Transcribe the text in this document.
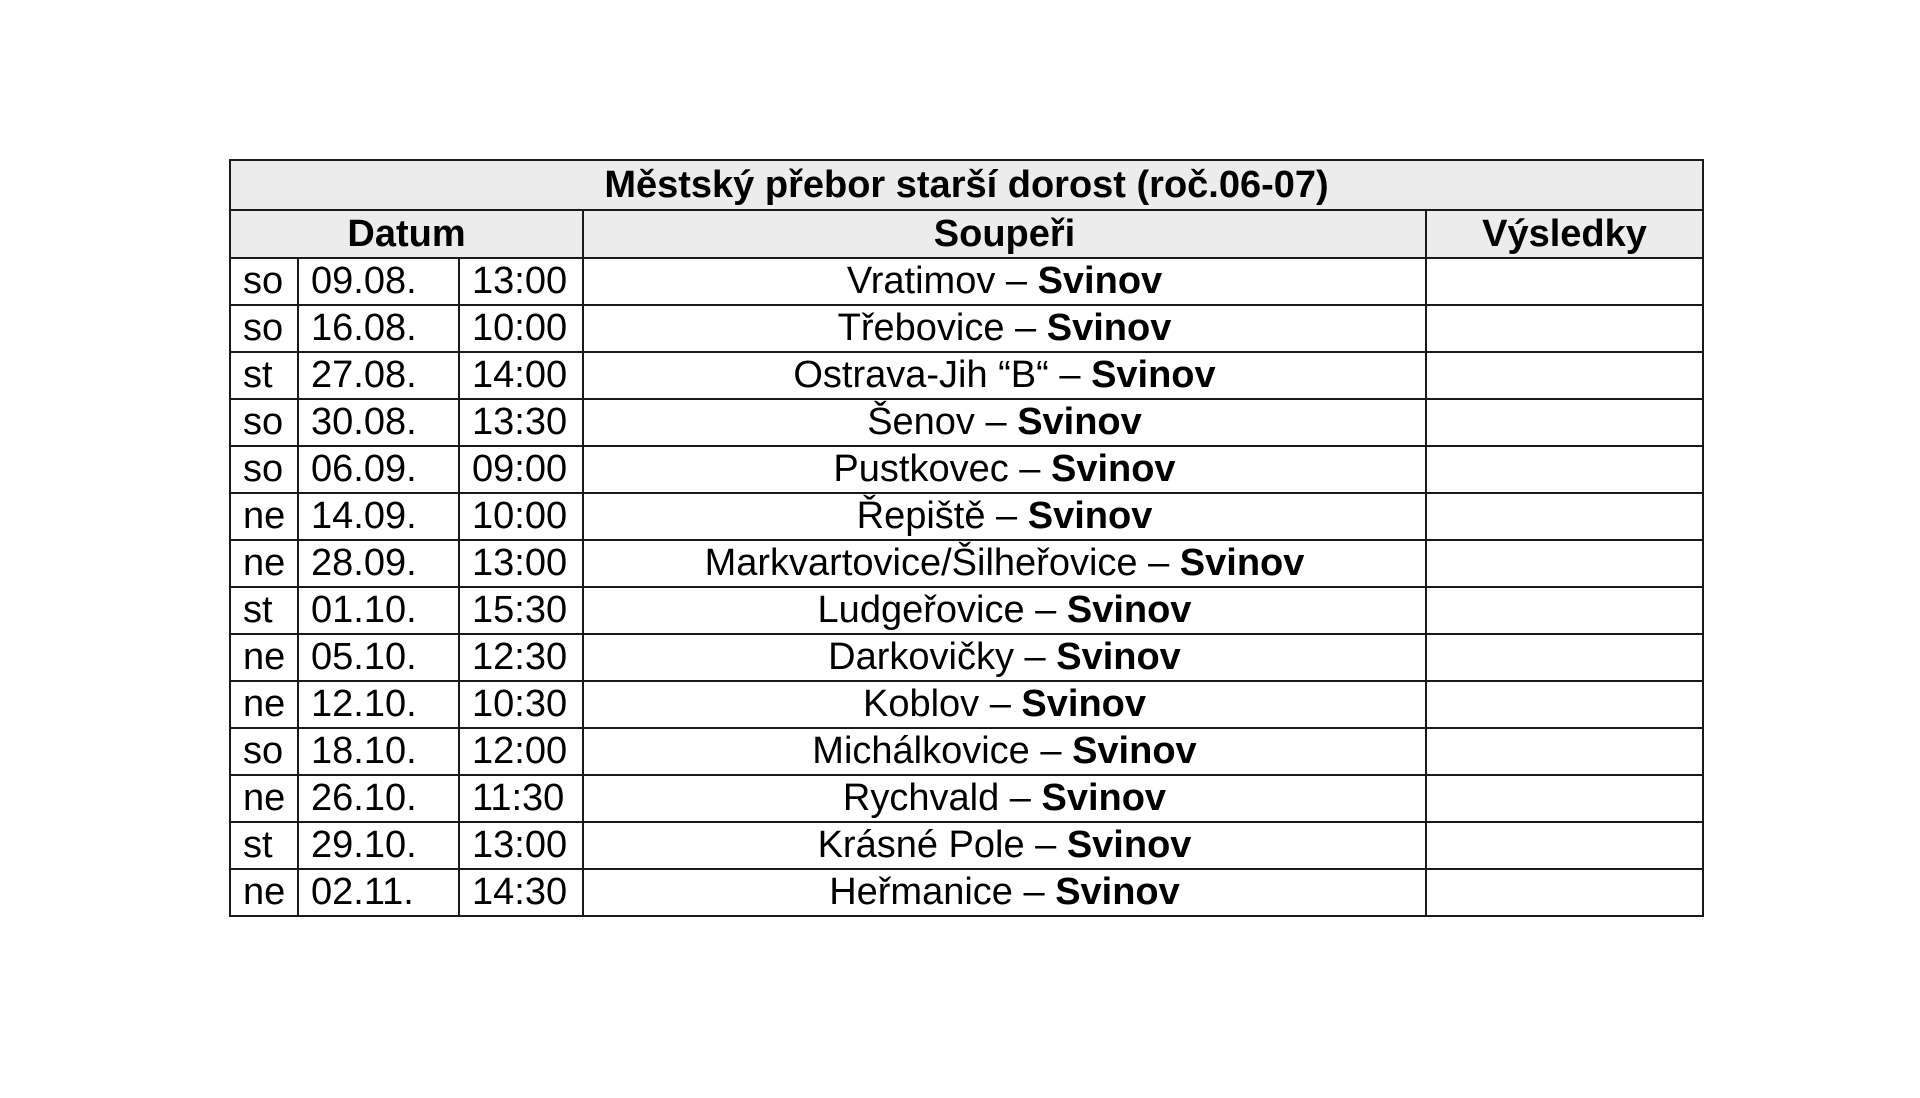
Městský přebor starší dorost (roč.06-07)				
Datum			Soupeři	Výsledky
so	09.08.	13:00	Vratimov – Svinov	
so	16.08.	10:00	Třebovice – Svinov	
st	27.08.	14:00	Ostrava-Jih “B“ – Svinov	
so	30.08.	13:30	Šenov – Svinov	
so	06.09.	09:00	Pustkovec – Svinov	
ne	14.09.	10:00	Řepiště – Svinov	
ne	28.09.	13:00	Markvartovice/Šilheřovice – Svinov	
st	01.10.	15:30	Ludgeřovice – Svinov	
ne	05.10.	12:30	Darkovičky – Svinov	
ne	12.10.	10:30	Koblov – Svinov	
so	18.10.	12:00	Michálkovice – Svinov	
ne	26.10.	11:30	Rychvald – Svinov	
st	29.10.	13:00	Krásné Pole – Svinov	
ne	02.11.	14:30	Heřmanice – Svinov	
